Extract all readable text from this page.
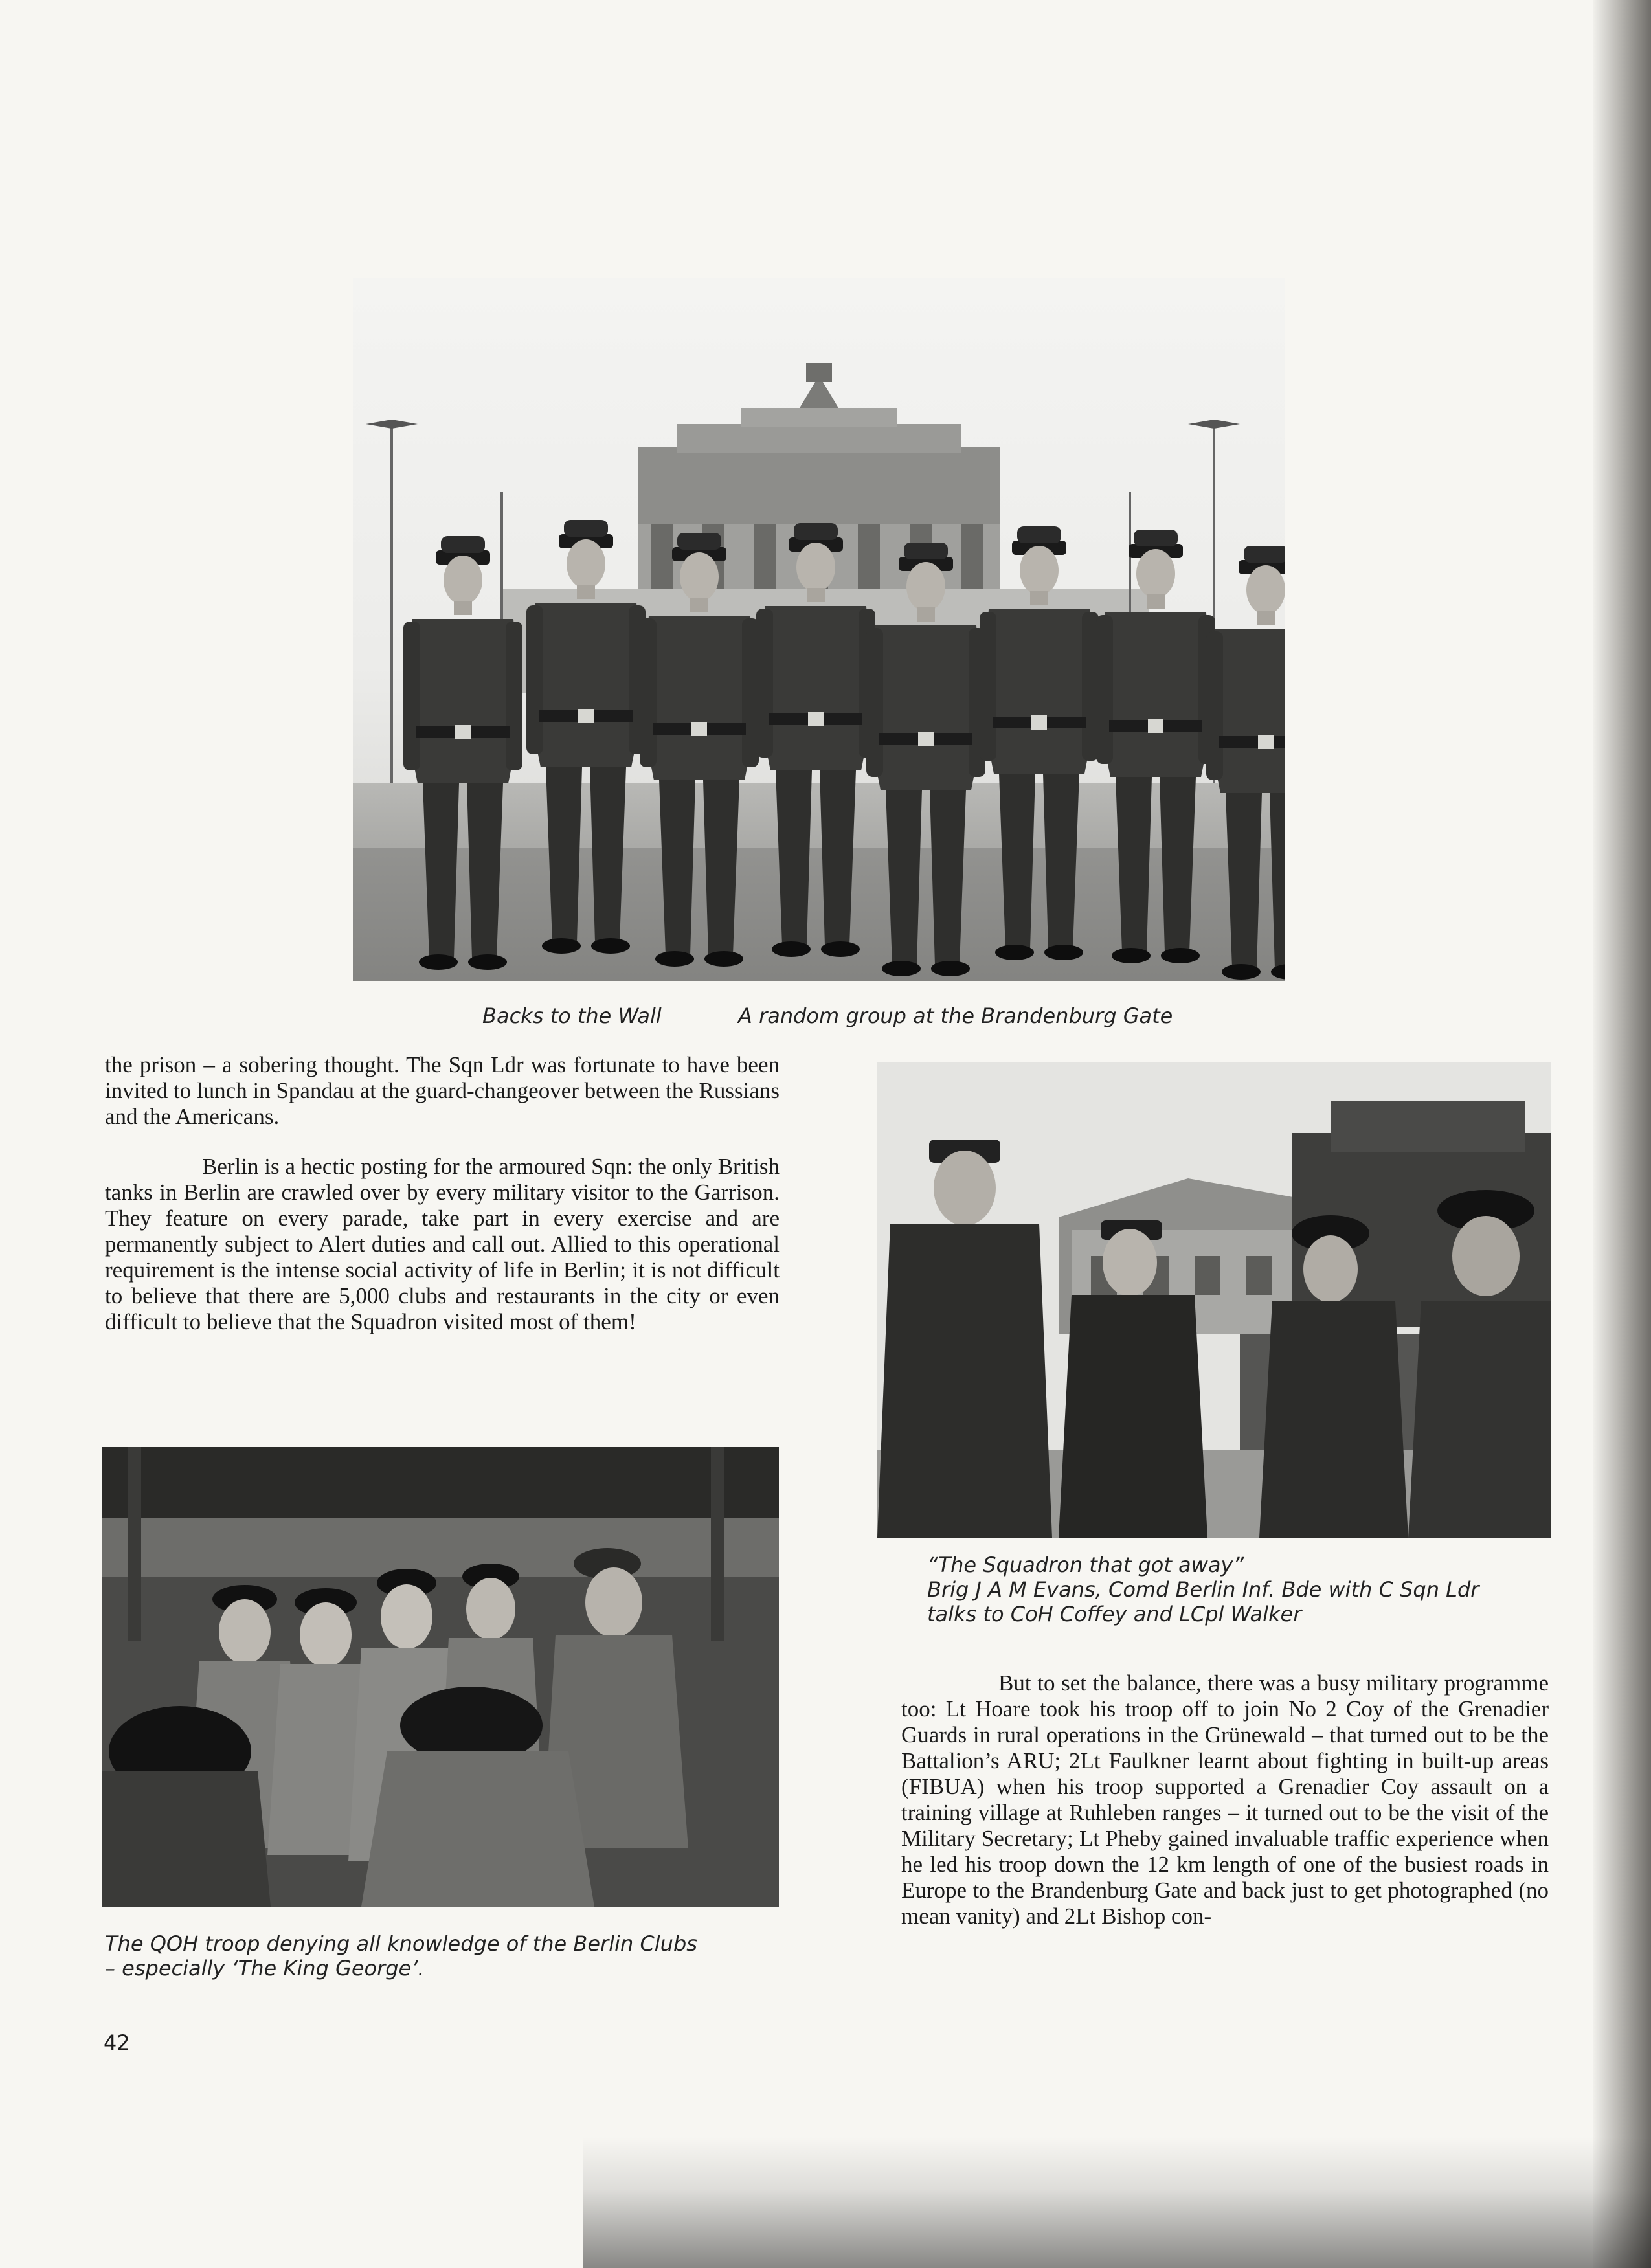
Backs to the Wall	A random group at the Brandenburg Gate

the prison – a sobering thought. The Sqn Ldr was fortunate to have been invited to lunch in Spandau at the guard-changeover between the Russians and the Americans.

Berlin is a hectic posting for the armoured Sqn: the only British tanks in Berlin are crawled over by every military visitor to the Garrison. They feature on every parade, take part in every exercise and are permanently subject to Alert duties and call out. Allied to this operational requirement is the intense social activity of life in Berlin; it is not difficult to believe that there are 5,000 clubs and restaurants in the city or even difficult to believe that the Squadron visited most of them!

“The Squadron that got away”
Brig J A M Evans, Comd Berlin Inf. Bde with C Sqn Ldr
talks to CoH Coffey and LCpl Walker
The QOH troop denying all knowledge of the Berlin Clubs
– especially ‘The King George’.

But to set the balance, there was a busy military programme too: Lt Hoare took his troop off to join No 2 Coy of the Grenadier Guards in rural operations in the Grünewald – that turned out to be the Battalion’s ARU; 2Lt Faulkner learnt about fighting in built-up areas (FIBUA) when his troop supported a Grenadier Coy assault on a training village at Ruhleben ranges – it turned out to be the visit of the Military Secretary; Lt Pheby gained invaluable traffic experience when he led his troop down the 12 km length of one of the busiest roads in Europe to the Brandenburg Gate and back just to get photographed (no mean vanity) and 2Lt Bishop con-

42
